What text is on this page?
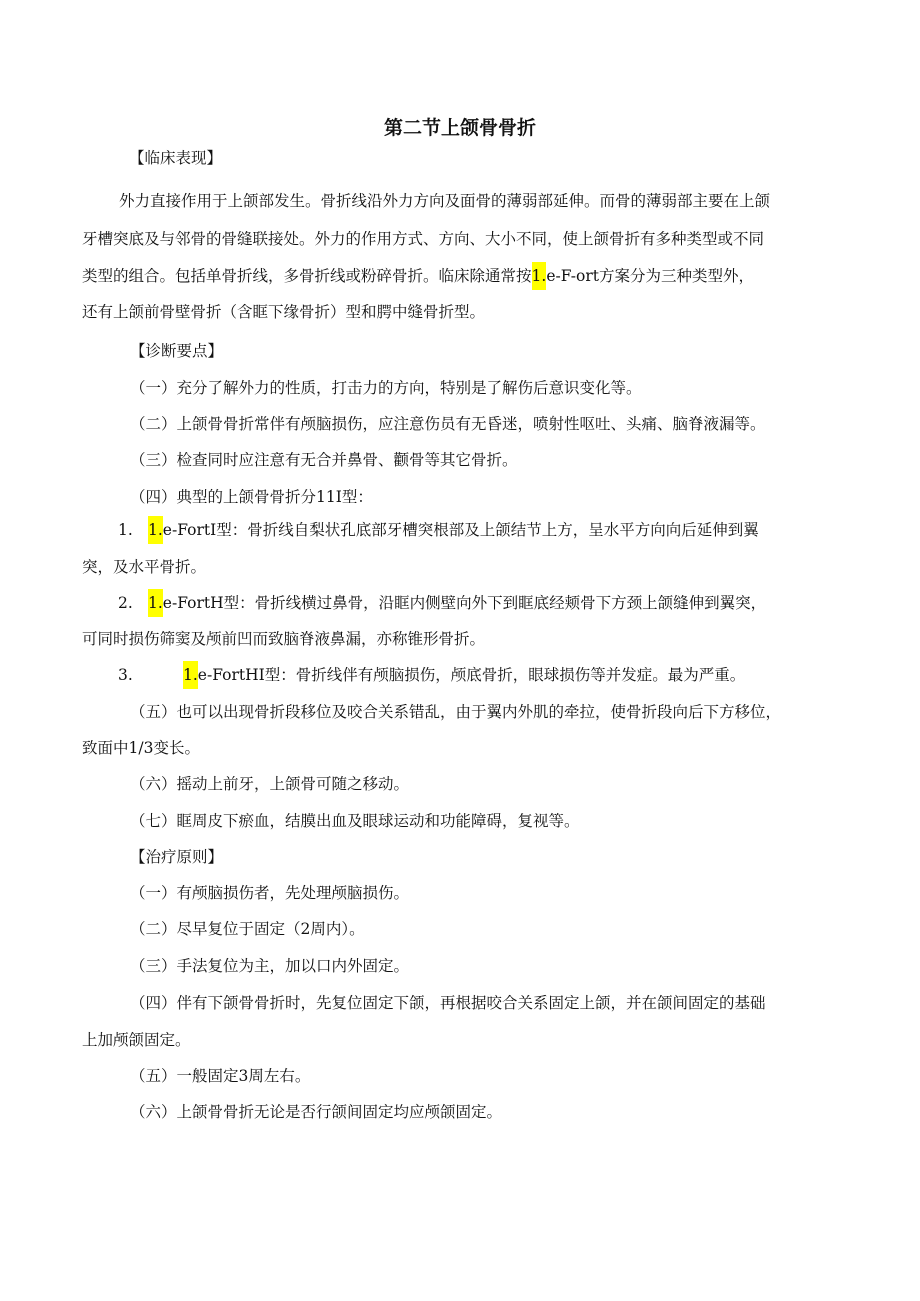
第二节上颌骨骨折
【临床表现】
外力直接作用于上颌部发生。骨折线沿外力方向及面骨的薄弱部延伸。而骨的薄弱部主要在上颌
牙槽突底及与邻骨的骨缝联接处。外力的作用方式、方向、大小不同，使上颌骨折有多种类型或不同
类型的组合。包括单骨折线，多骨折线或粉碎骨折。临床除通常按1.e-F-ort方案分为三种类型外，
还有上颌前骨壁骨折（含眶下缘骨折）型和腭中缝骨折型。
【诊断要点】
（一）充分了解外力的性质，打击力的方向，特别是了解伤后意识变化等。
（二）上颌骨骨折常伴有颅脑损伤，应注意伤员有无昏迷，喷射性呕吐、头痛、脑脊液漏等。
（三）检查同时应注意有无合并鼻骨、颧骨等其它骨折。
（四）典型的上颌骨骨折分11I型：
1. 1.e-FortI型：骨折线自梨状孔底部牙槽突根部及上颌结节上方，呈水平方向向后延伸到翼
突，及水平骨折。
2. 1.e-FortH型：骨折线横过鼻骨，沿眶内侧壁向外下到眶底经颊骨下方颈上颌缝伸到翼突，
可同时损伤筛窦及颅前凹而致脑脊液鼻漏，亦称锥形骨折。
3.	1.e-FortHI型：骨折线伴有颅脑损伤，颅底骨折，眼球损伤等并发症。最为严重。
（五）也可以出现骨折段移位及咬合关系错乱，由于翼内外肌的牵拉，使骨折段向后下方移位，
致面中1/3变长。
（六）摇动上前牙，上颌骨可随之移动。
（七）眶周皮下瘀血，结膜出血及眼球运动和功能障碍，复视等。
【治疗原则】
（一）有颅脑损伤者，先处理颅脑损伤。
（二）尽早复位于固定（2周内）。
（三）手法复位为主，加以口内外固定。
（四）伴有下颌骨骨折时，先复位固定下颌，再根据咬合关系固定上颌，并在颌间固定的基础
上加颅颌固定。
（五）一般固定3周左右。
（六）上颌骨骨折无论是否行颌间固定均应颅颌固定。
